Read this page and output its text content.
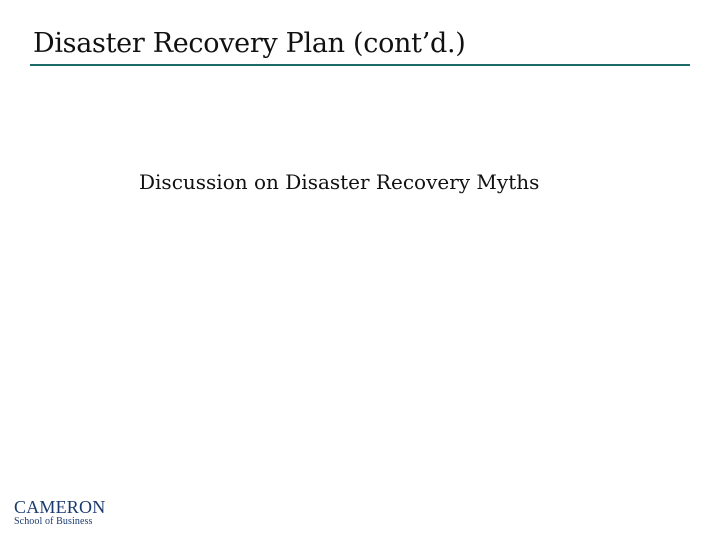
Disaster Recovery Plan (cont’d.)
Discussion on Disaster Recovery Myths
CAMERON
School of Business
